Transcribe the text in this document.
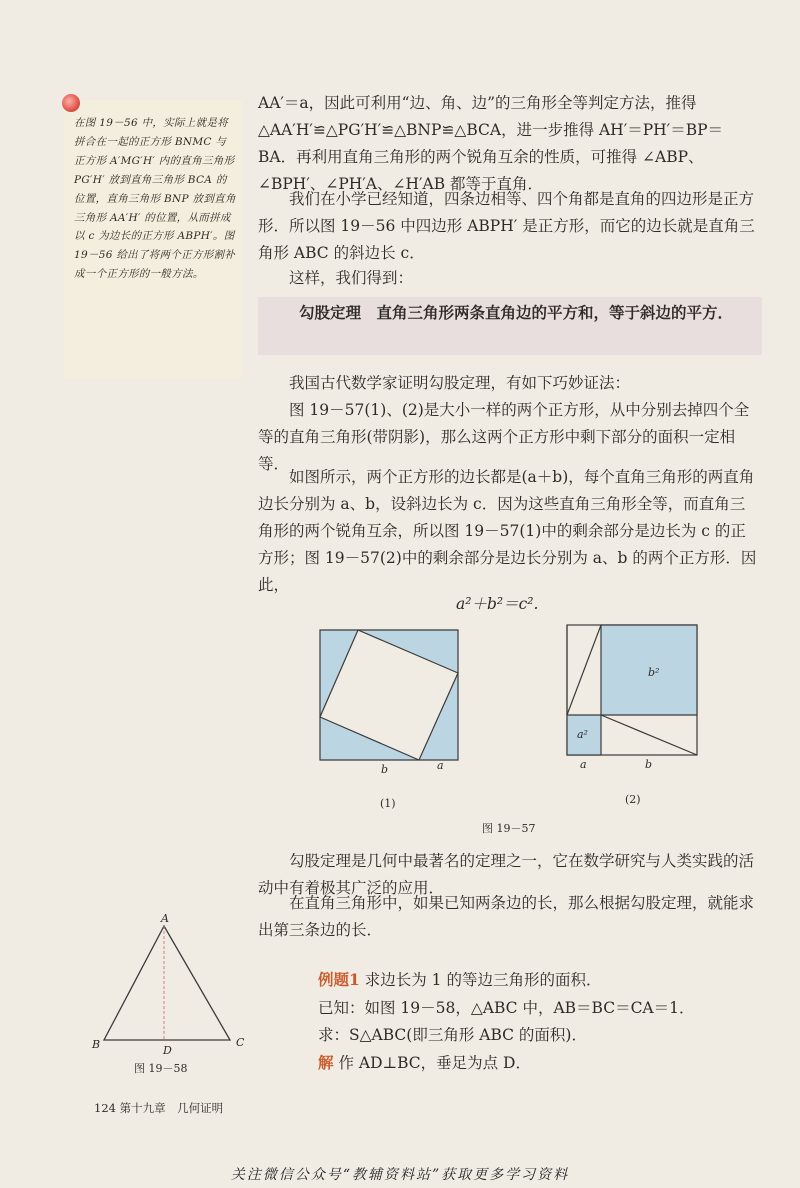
在图 19－56 中，实际上就是将拼合在一起的正方形 BNMC 与正方形 A′MG′H′ 内的直角三角形 PG′H′ 放到直角三角形 BCA 的位置，直角三角形 BNP 放到直角三角形 AA′H′ 的位置，从而拼成以 c 为边长的正方形 ABPH′。图 19－56 给出了将两个正方形割补成一个正方形的一般方法。
AA′＝a，因此可利用“边、角、边”的三角形全等判定方法，推得 △AA′H′≌△PG′H′≌△BNP≌△BCA，进一步推得 AH′＝PH′＝BP＝BA．再利用直角三角形的两个锐角互余的性质，可推得 ∠ABP、∠BPH′、∠PH′A、∠H′AB 都等于直角．
我们在小学已经知道，四条边相等、四个角都是直角的四边形是正方形．所以图 19－56 中四边形 ABPH′ 是正方形，而它的边长就是直角三角形 ABC 的斜边长 c．
这样，我们得到：
勾股定理　直角三角形两条直角边的平方和，等于斜边的平方．
我国古代数学家证明勾股定理，有如下巧妙证法：
图 19－57(1)、(2)是大小一样的两个正方形，从中分别去掉四个全等的直角三角形(带阴影)，那么这两个正方形中剩下部分的面积一定相等．
如图所示，两个正方形的边长都是(a＋b)，每个直角三角形的两直角边长分别为 a、b，设斜边长为 c．因为这些直角三角形全等，而直角三角形的两个锐角互余，所以图 19－57(1)中的剩余部分是边长为 c 的正方形；图 19－57(2)中的剩余部分是边长分别为 a、b 的两个正方形．因此，
a²＋b²＝c².
b	a
(1)
b²
a²
a	b
(2)
图 19－57
勾股定理是几何中最著名的定理之一，它在数学研究与人类实践的活动中有着极其广泛的应用．
在直角三角形中，如果已知两条边的长，那么根据勾股定理，就能求出第三条边的长．
A
B	C
D
图 19－58
例题1 求边长为 1 的等边三角形的面积．
已知：如图 19－58，△ABC 中，AB＝BC＝CA＝1．
求：S△ABC(即三角形 ABC 的面积)．
解 作 AD⊥BC，垂足为点 D．
124 第十九章　几何证明
关注微信公众号“教辅资料站”获取更多学习资料
